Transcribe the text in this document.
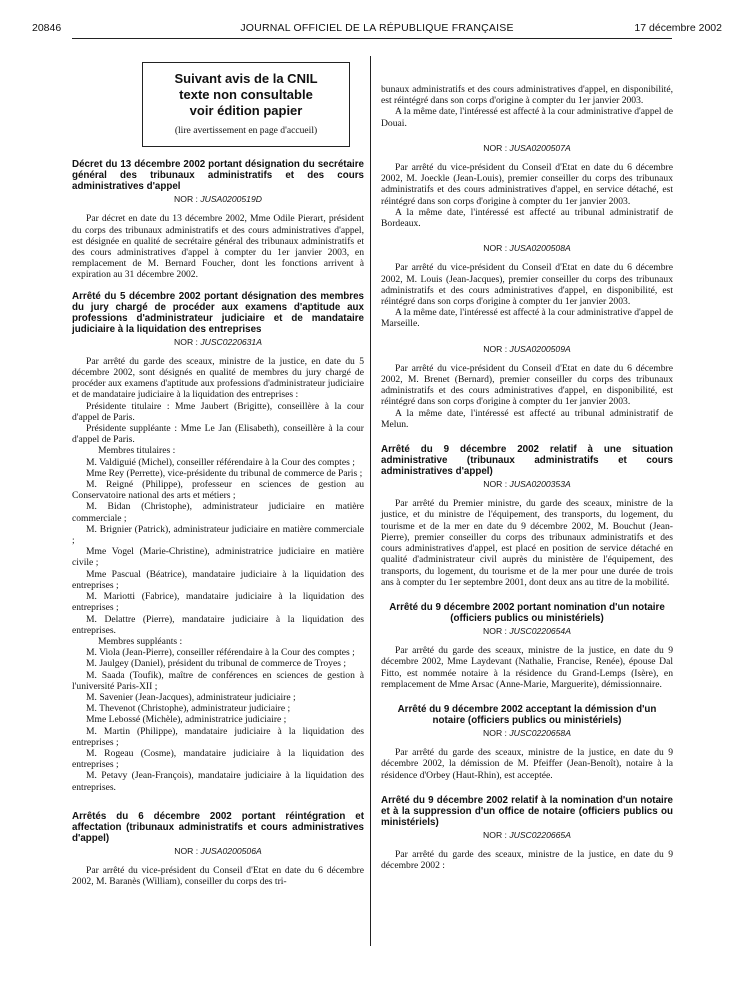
20846	JOURNAL OFFICIEL DE LA RÉPUBLIQUE FRANÇAISE	17 décembre 2002
Suivant avis de la CNIL
texte non consultable
voir édition papier
(lire avertissement en page d'accueil)
Décret du 13 décembre 2002 portant désignation du secrétaire général des tribunaux administratifs et des cours administratives d'appel
NOR : JUSA0200519D

Par décret en date du 13 décembre 2002, Mme Odile Pierart, président du corps des tribunaux administratifs et des cours administratives d'appel, est désignée en qualité de secrétaire général des tribunaux administratifs et des cours administratives d'appel à compter du 1er janvier 2003, en remplacement de M. Bernard Foucher, dont les fonctions arrivent à expiration au 31 décembre 2002.

Arrêté du 5 décembre 2002 portant désignation des membres du jury chargé de procéder aux examens d'aptitude aux professions d'administrateur judiciaire et de mandataire judiciaire à la liquidation des entreprises
NOR : JUSC0220631A

Par arrêté du garde des sceaux, ministre de la justice, en date du 5 décembre 2002, sont désignés en qualité de membres du jury chargé de procéder aux examens d'aptitude aux professions d'administrateur judiciaire et de mandataire judiciaire à la liquidation des entreprises :

Présidente titulaire : Mme Jaubert (Brigitte), conseillère à la cour d'appel de Paris.

Présidente suppléante : Mme Le Jan (Elisabeth), conseillère à la cour d'appel de Paris.

Membres titulaires :

M. Valdiguié (Michel), conseiller référendaire à la Cour des comptes ;

Mme Rey (Perrette), vice-présidente du tribunal de commerce de Paris ;

M. Reigné (Philippe), professeur en sciences de gestion au Conservatoire national des arts et métiers ;

M. Bidan (Christophe), administrateur judiciaire en matière commerciale ;

M. Brignier (Patrick), administrateur judiciaire en matière commerciale ;

Mme Vogel (Marie-Christine), administratrice judiciaire en matière civile ;

Mme Pascual (Béatrice), mandataire judiciaire à la liquidation des entreprises ;

M. Mariotti (Fabrice), mandataire judiciaire à la liquidation des entreprises ;

M. Delattre (Pierre), mandataire judiciaire à la liquidation des entreprises.

Membres suppléants :

M. Viola (Jean-Pierre), conseiller référendaire à la Cour des comptes ;

M. Jaulgey (Daniel), président du tribunal de commerce de Troyes ;

M. Saada (Toufik), maître de conférences en sciences de gestion à l'université Paris-XII ;

M. Savenier (Jean-Jacques), administrateur judiciaire ;

M. Thevenot (Christophe), administrateur judiciaire ;

Mme Lebossé (Michèle), administratrice judiciaire ;

M. Martin (Philippe), mandataire judiciaire à la liquidation des entreprises ;

M. Rogeau (Cosme), mandataire judiciaire à la liquidation des entreprises ;

M. Petavy (Jean-François), mandataire judiciaire à la liquidation des entreprises.

Arrêtés du 6 décembre 2002 portant réintégration et affectation (tribunaux administratifs et cours administratives d'appel)
NOR : JUSA0200506A

Par arrêté du vice-président du Conseil d'Etat en date du 6 décembre 2002, M. Baranès (William), conseiller du corps des tri-

bunaux administratifs et des cours administratives d'appel, en disponibilité, est réintégré dans son corps d'origine à compter du 1er janvier 2003.

A la même date, l'intéressé est affecté à la cour administrative d'appel de Douai.

NOR : JUSA0200507A

Par arrêté du vice-président du Conseil d'Etat en date du 6 décembre 2002, M. Joeckle (Jean-Louis), premier conseiller du corps des tribunaux administratifs et des cours administratives d'appel, en service détaché, est réintégré dans son corps d'origine à compter du 1er janvier 2003.

A la même date, l'intéressé est affecté au tribunal administratif de Bordeaux.

NOR : JUSA0200508A

Par arrêté du vice-président du Conseil d'Etat en date du 6 décembre 2002, M. Louis (Jean-Jacques), premier conseiller du corps des tribunaux administratifs et des cours administratives d'appel, en disponibilité, est réintégré dans son corps d'origine à compter du 1er janvier 2003.

A la même date, l'intéressé est affecté à la cour administrative d'appel de Marseille.

NOR : JUSA0200509A

Par arrêté du vice-président du Conseil d'Etat en date du 6 décembre 2002, M. Brenet (Bernard), premier conseiller du corps des tribunaux administratifs et des cours administratives d'appel, en disponibilité, est réintégré dans son corps d'origine à compter du 1er janvier 2003.

A la même date, l'intéressé est affecté au tribunal administratif de Melun.

Arrêté du 9 décembre 2002 relatif à une situation administrative (tribunaux administratifs et cours administratives d'appel)
NOR : JUSA0200353A

Par arrêté du Premier ministre, du garde des sceaux, ministre de la justice, et du ministre de l'équipement, des transports, du logement, du tourisme et de la mer en date du 9 décembre 2002, M. Bouchut (Jean-Pierre), premier conseiller du corps des tribunaux administratifs et des cours administratives d'appel, est placé en position de service détaché en qualité d'administrateur civil auprès du ministère de l'équipement, des transports, du logement, du tourisme et de la mer pour une durée de trois ans à compter du 1er septembre 2001, dont deux ans au titre de la mobilité.

Arrêté du 9 décembre 2002 portant nomination d'un notaire (officiers publics ou ministériels)
NOR : JUSC0220654A

Par arrêté du garde des sceaux, ministre de la justice, en date du 9 décembre 2002, Mme Laydevant (Nathalie, Francise, Renée), épouse Dal Fitto, est nommée notaire à la résidence du Grand-Lemps (Isère), en remplacement de Mme Arsac (Anne-Marie, Marguerite), démissionnaire.

Arrêté du 9 décembre 2002 acceptant la démission d'un notaire (officiers publics ou ministériels)
NOR : JUSC0220658A

Par arrêté du garde des sceaux, ministre de la justice, en date du 9 décembre 2002, la démission de M. Pfeiffer (Jean-Benoît), notaire à la résidence d'Orbey (Haut-Rhin), est acceptée.

Arrêté du 9 décembre 2002 relatif à la nomination d'un notaire et à la suppression d'un office de notaire (officiers publics ou ministériels)
NOR : JUSC0220665A

Par arrêté du garde des sceaux, ministre de la justice, en date du 9 décembre 2002 :
